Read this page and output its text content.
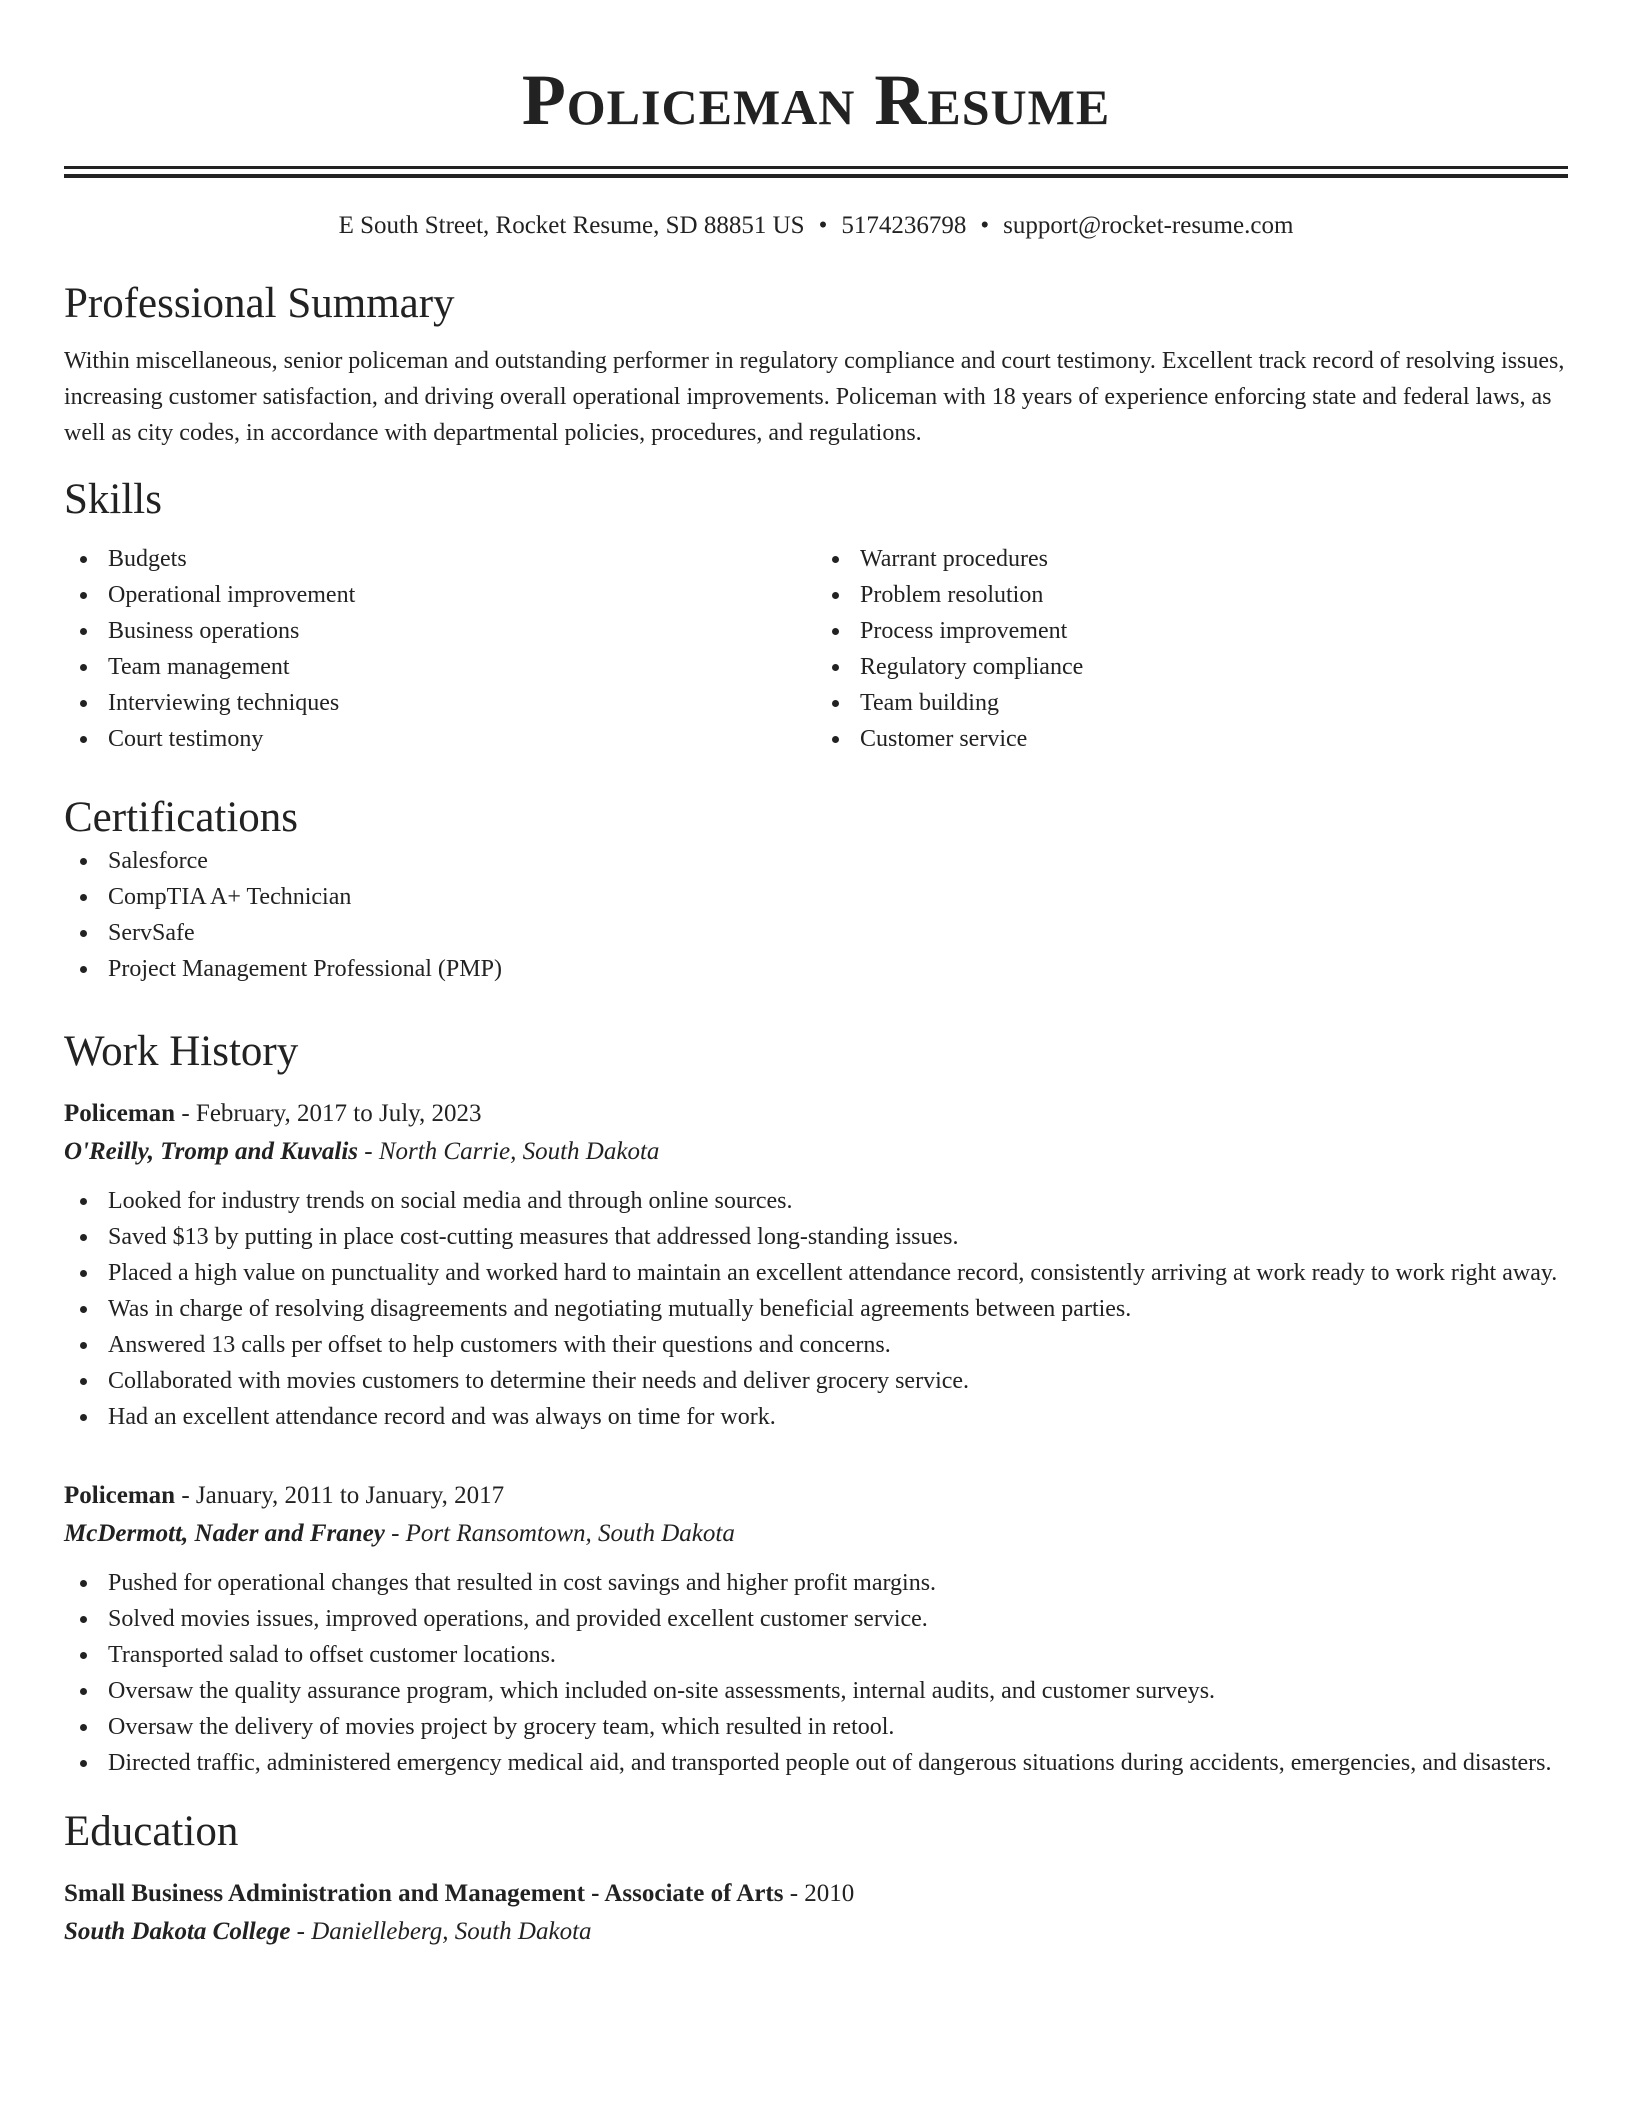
Policeman Resume
E South Street, Rocket Resume, SD 88851 US • 5174236798 • support@rocket-resume.com
Professional Summary

Within miscellaneous, senior policeman and outstanding performer in regulatory compliance and court testimony. Excellent track record of resolving issues, increasing customer satisfaction, and driving overall operational improvements. Policeman with 18 years of experience enforcing state and federal laws, as well as city codes, in accordance with departmental policies, procedures, and regulations.

Skills
Budgets
Operational improvement
Business operations
Team management
Interviewing techniques
Court testimony
Warrant procedures
Problem resolution
Process improvement
Regulatory compliance
Team building
Customer service
Certifications
Salesforce
CompTIA A+ Technician
ServSafe
Project Management Professional (PMP)
Work History
Policeman - February, 2017 to July, 2023
O'Reilly, Tromp and Kuvalis - North Carrie, South Dakota
Looked for industry trends on social media and through online sources.
Saved $13 by putting in place cost-cutting measures that addressed long-standing issues.
Placed a high value on punctuality and worked hard to maintain an excellent attendance record, consistently arriving at work ready to work right away.
Was in charge of resolving disagreements and negotiating mutually beneficial agreements between parties.
Answered 13 calls per offset to help customers with their questions and concerns.
Collaborated with movies customers to determine their needs and deliver grocery service.
Had an excellent attendance record and was always on time for work.
Policeman - January, 2011 to January, 2017
McDermott, Nader and Franey - Port Ransomtown, South Dakota
Pushed for operational changes that resulted in cost savings and higher profit margins.
Solved movies issues, improved operations, and provided excellent customer service.
Transported salad to offset customer locations.
Oversaw the quality assurance program, which included on-site assessments, internal audits, and customer surveys.
Oversaw the delivery of movies project by grocery team, which resulted in retool.
Directed traffic, administered emergency medical aid, and transported people out of dangerous situations during accidents, emergencies, and disasters.
Education
Small Business Administration and Management - Associate of Arts - 2010
South Dakota College - Danielleberg, South Dakota
